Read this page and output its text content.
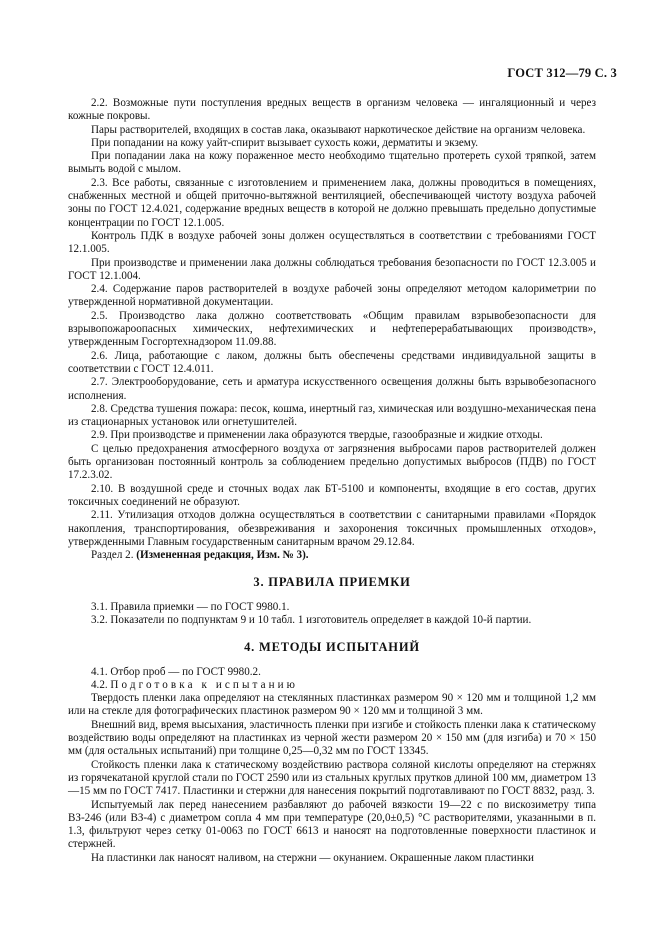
ГОСТ 312—79 С. 3

2.2. Возможные пути поступления вредных веществ в организм человека — ингаляционный и через кожные покровы.

Пары растворителей, входящих в состав лака, оказывают наркотическое действие на организм человека.

При попадании на кожу уайт-спирит вызывает сухость кожи, дерматиты и экзему.

При попадании лака на кожу пораженное место необходимо тщательно протереть сухой тряпкой, затем вымыть водой с мылом.

2.3. Все работы, связанные с изготовлением и применением лака, должны проводиться в помещениях, снабженных местной и общей приточно-вытяжной вентиляцией, обеспечивающей чистоту воздуха рабочей зоны по ГОСТ 12.4.021, содержание вредных веществ в которой не должно превышать предельно допустимые концентрации по ГОСТ 12.1.005.

Контроль ПДК в воздухе рабочей зоны должен осуществляться в соответствии с требованиями ГОСТ 12.1.005.

При производстве и применении лака должны соблюдаться требования безопасности по ГОСТ 12.3.005 и ГОСТ 12.1.004.

2.4. Содержание паров растворителей в воздухе рабочей зоны определяют методом калориметрии по утвержденной нормативной документации.

2.5. Производство лака должно соответствовать «Общим правилам взрывобезопасности для взрывопожароопасных химических, нефтехимических и нефтеперерабатывающих производств», утвержденным Госгортехнадзором 11.09.88.

2.6. Лица, работающие с лаком, должны быть обеспечены средствами индивидуальной защиты в соответствии с ГОСТ 12.4.011.

2.7. Электрооборудование, сеть и арматура искусственного освещения должны быть взрывобезопасного исполнения.

2.8. Средства тушения пожара: песок, кошма, инертный газ, химическая или воздушно-механическая пена из стационарных установок или огнетушителей.

2.9. При производстве и применении лака образуются твердые, газообразные и жидкие отходы.

С целью предохранения атмосферного воздуха от загрязнения выбросами паров растворителей должен быть организован постоянный контроль за соблюдением предельно допустимых выбросов (ПДВ) по ГОСТ 17.2.3.02.

2.10. В воздушной среде и сточных водах лак БТ-5100 и компоненты, входящие в его состав, других токсичных соединений не образуют.

2.11. Утилизация отходов должна осуществляться в соответствии с санитарными правилами «Порядок накопления, транспортирования, обезвреживания и захоронения токсичных промышленных отходов», утвержденными Главным государственным санитарным врачом 29.12.84.

Раздел 2. (Измененная редакция, Изм. № 3).

3. ПРАВИЛА ПРИЕМКИ

3.1. Правила приемки — по ГОСТ 9980.1.

3.2. Показатели по подпунктам 9 и 10 табл. 1 изготовитель определяет в каждой 10-й партии.

4. МЕТОДЫ ИСПЫТАНИЙ

4.1. Отбор проб — по ГОСТ 9980.2.

4.2. Подготовка к испытанию

Твердость пленки лака определяют на стеклянных пластинках размером 90 × 120 мм и толщиной 1,2 мм или на стекле для фотографических пластинок размером 90 × 120 мм и толщиной 3 мм.

Внешний вид, время высыхания, эластичность пленки при изгибе и стойкость пленки лака к статическому воздействию воды определяют на пластинках из черной жести размером 20 × 150 мм (для изгиба) и 70 × 150 мм (для остальных испытаний) при толщине 0,25—0,32 мм по ГОСТ 13345.

Стойкость пленки лака к статическому воздействию раствора соляной кислоты определяют на стержнях из горячекатаной круглой стали по ГОСТ 2590 или из стальных круглых прутков длиной 100 мм, диаметром 13—15 мм по ГОСТ 7417. Пластинки и стержни для нанесения покрытий подготавливают по ГОСТ 8832, разд. 3.

Испытуемый лак перед нанесением разбавляют до рабочей вязкости 19—22 с по вискозиметру типа ВЗ-246 (или ВЗ-4) с диаметром сопла 4 мм при температуре (20,0±0,5) °С растворителями, указанными в п. 1.3, фильтруют через сетку 01-0063 по ГОСТ 6613 и наносят на подготовленные поверхности пластинок и стержней.

На пластинки лак наносят наливом, на стержни — окунанием. Окрашенные лаком пластинки
